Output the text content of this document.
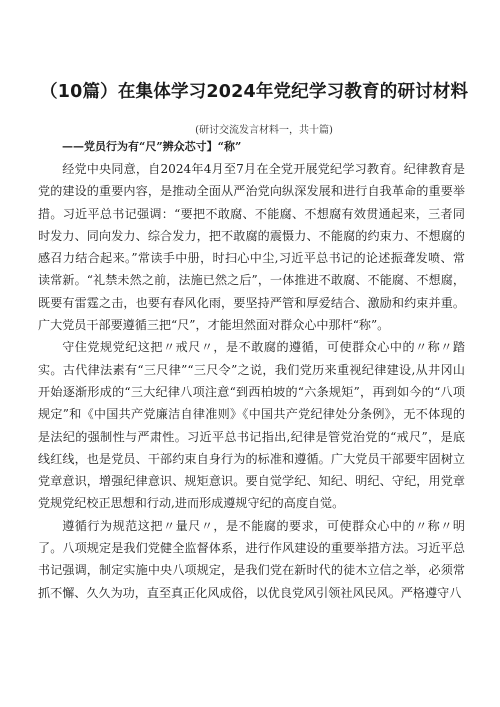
（10篇）在集体学习2024年党纪学习教育的研讨材料
(研讨交流发言材料一，共十篇)
——党员行为有“尺”辨众芯寸】“称”

经党中央同意，自2024年4月至7月在全党开展党纪学习教育。纪律教育是党的建设的重要内容，是推动全面从严治党向纵深发展和进行自我革命的重要举措。习近平总书记强调：“要把不敢腐、不能腐、不想腐有效贯通起来，三者同时发力、同向发力、综合发力，把不敢腐的震慑力、不能腐的约束力、不想腐的感召力结合起来。”常读手中册，时扫心中尘,习近平总书记的论述振聋发喷、常读常新。“礼禁未然之前，法施已然之后”，一体推进不敢腐、不能腐、不想腐，既要有雷霆之击，也要有春风化雨，要坚持严管和厚爱结合、激励和约束并重。广大党员干部要遵循三把“尺”，才能坦然面对群众心中那杆“称”。

守住党规党纪这把〃戒尺〃，是不敢腐的遵循，可使群众心中的〃称〃踏实。古代律法素有“三尺律”“三尺令”之说，我们党历来重视纪律建设,从井冈山开始逐渐形成的“三大纪律八项注意“到西柏坡的“六条规矩”，再到如今的“八项规定”和《中国共产党廉洁自律准则》《中国共产党纪律处分条例》，无不体现的是法纪的强制性与严肃性。习近平总书记指出,纪律是管党治党的“戒尺”，是底线红线，也是党员、干部约束自身行为的标准和遵循。广大党员干部要牢固树立党章意识，增强纪律意识、规矩意识。要自觉学纪、知纪、明纪、守纪，用党章党规党纪校正思想和行动,进而形成遵规守纪的高度自觉。

遵循行为规范这把〃量尺〃，是不能腐的要求，可使群众心中的〃称〃明了。八项规定是我们党健全监督体系，进行作风建设的重要举措方法。习近平总书记强调，制定实施中央八项规定，是我们党在新时代的徒木立信之举，必须常抓不懈、久久为功，直至真正化风成俗，以优良党风引领社风民风。严格遵守八
